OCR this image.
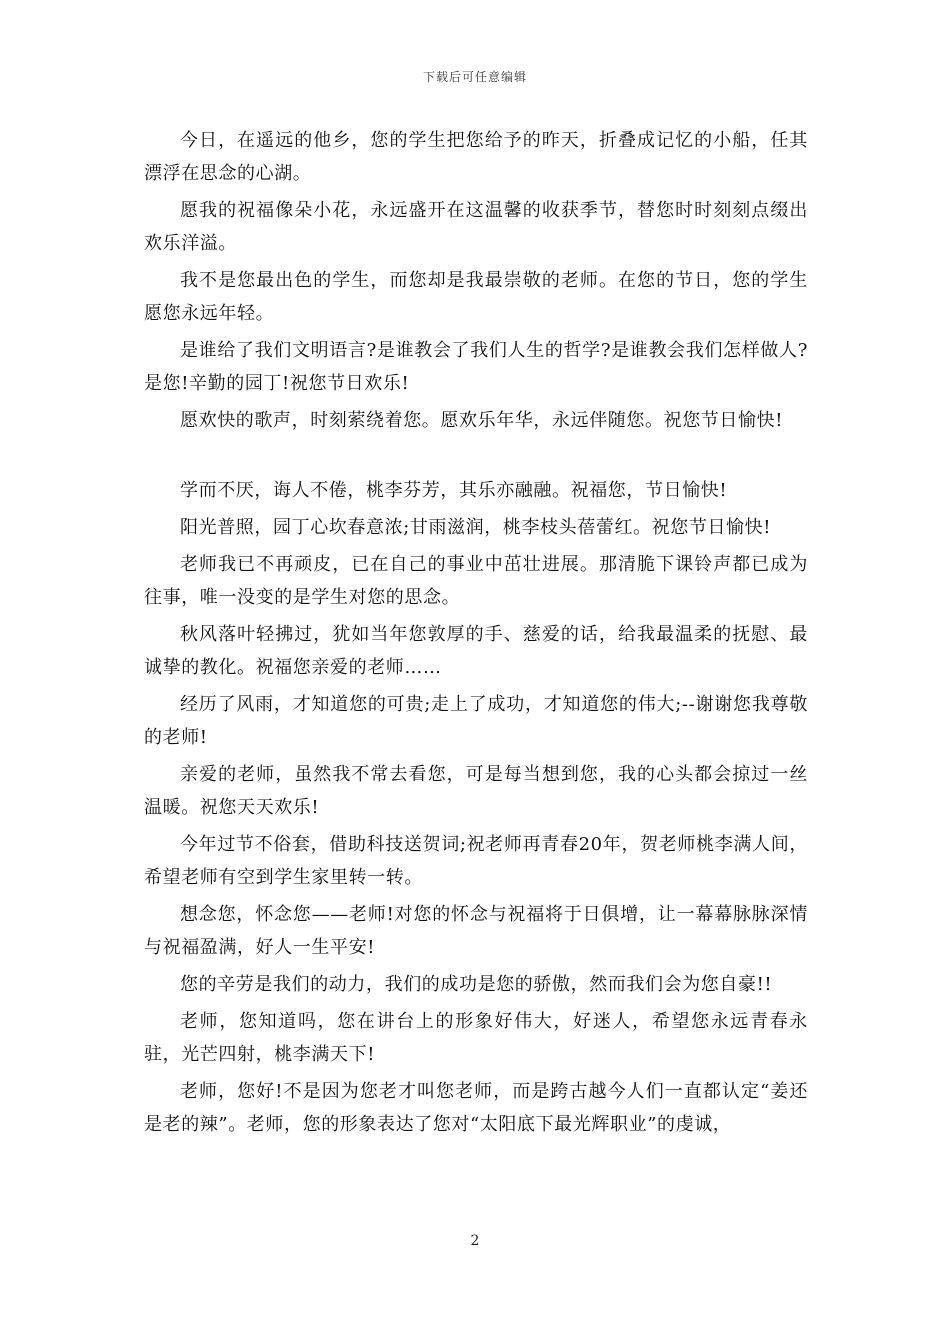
下载后可任意编辑

今日，在遥远的他乡，您的学生把您给予的昨天，折叠成记忆的小船，任其漂浮在思念的心湖。

愿我的祝福像朵小花，永远盛开在这温馨的收获季节，替您时时刻刻点缀出欢乐洋溢。

我不是您最出色的学生，而您却是我最崇敬的老师。在您的节日，您的学生愿您永远年轻。

是谁给了我们文明语言?是谁教会了我们人生的哲学?是谁教会我们怎样做人?是您!辛勤的园丁!祝您节日欢乐!

愿欢快的歌声，时刻萦绕着您。愿欢乐年华，永远伴随您。祝您节日愉快!

学而不厌，诲人不倦，桃李芬芳，其乐亦融融。祝福您，节日愉快!

阳光普照，园丁心坎春意浓;甘雨滋润，桃李枝头蓓蕾红。祝您节日愉快!

老师我已不再顽皮，已在自己的事业中茁壮进展。那清脆下课铃声都已成为往事，唯一没变的是学生对您的思念。

秋风落叶轻拂过，犹如当年您敦厚的手、慈爱的话，给我最温柔的抚慰、最诚挚的教化。祝福您亲爱的老师……

经历了风雨，才知道您的可贵;走上了成功，才知道您的伟大;--谢谢您我尊敬的老师!

亲爱的老师，虽然我不常去看您，可是每当想到您，我的心头都会掠过一丝温暖。祝您天天欢乐!

今年过节不俗套，借助科技送贺词;祝老师再青春20年，贺老师桃李满人间，希望老师有空到学生家里转一转。

想念您，怀念您——老师!对您的怀念与祝福将于日俱增，让一幕幕脉脉深情与祝福盈满，好人一生平安!

您的辛劳是我们的动力，我们的成功是您的骄傲，然而我们会为您自豪!!

老师，您知道吗，您在讲台上的形象好伟大，好迷人，希望您永远青春永驻，光芒四射，桃李满天下!

老师，您好!不是因为您老才叫您老师，而是跨古越今人们一直都认定“姜还是老的辣”。老师，您的形象表达了您对“太阳底下最光辉职业”的虔诚，

2
